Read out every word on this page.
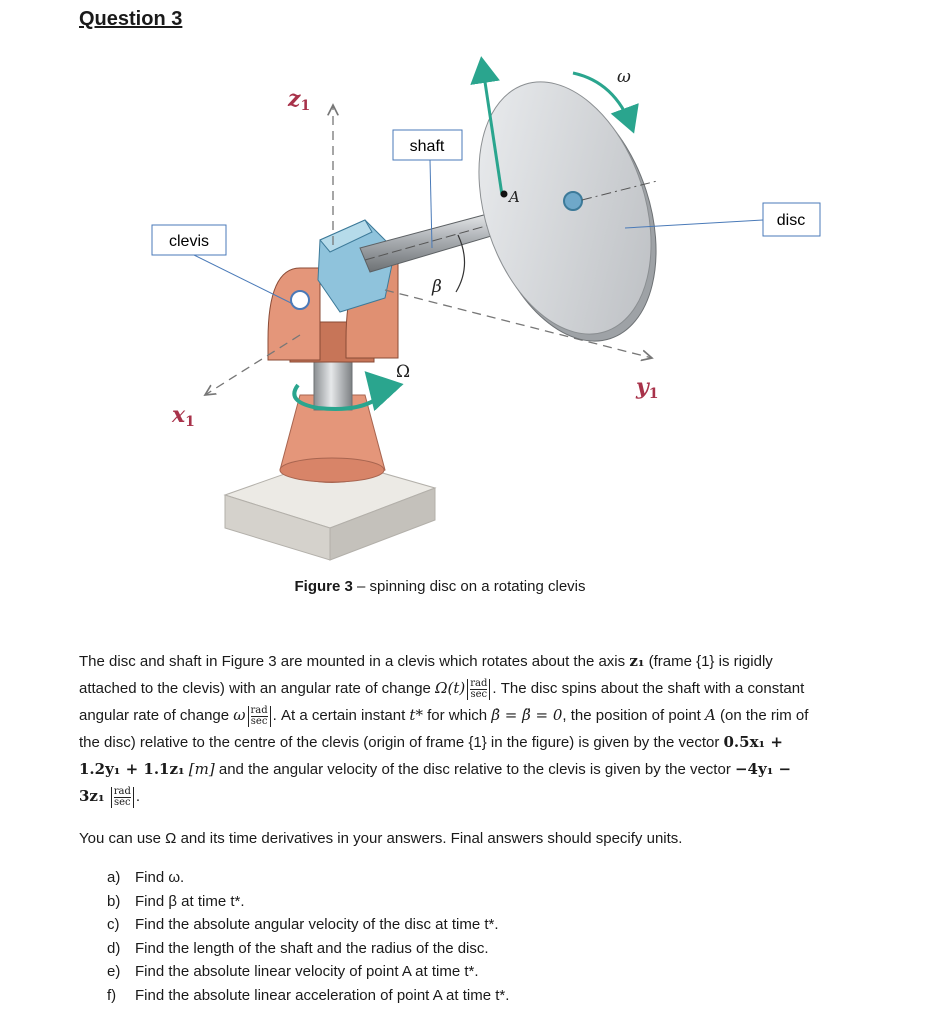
Question 3
shaft
clevis
disc
z1
x1
y1
ω
Ω
β
A
Figure 3 – spinning disc on a rotating clevis
The disc and shaft in Figure 3 are mounted in a clevis which rotates about the axis z₁ (frame {1} is rigidly attached to the clevis) with an angular rate of change $\Omega(t) \frac{\text{rad}}{\sec}$ . The disc spins about the shaft with a constant angular rate of change ω $\frac{\text{rad}}{\sec}$ . At a certain instant t* for which β̇ = β̈ = 0, the position of point A (on the rim of the disc) relative to the centre of the clevis (origin of frame {1} in the figure) is given by the vector 0.5x₁ + 1.2y₁ + 1.1z₁ [m] and the angular velocity of the disc relative to the clevis is given by the vector $-4y_1 - 3z_1 \frac{\text{rad}}{\sec}$ .
You can use Ω and its time derivatives in your answers. Final answers should specify units.
a) Find ω.
b) Find β at time t*.
c)	Find the absolute angular velocity of the disc at time t*.
d) Find the length of the shaft and the radius of the disc.
e) Find the absolute linear velocity of point A at time t*.
f)	Find the absolute linear acceleration of point A at time t*.
